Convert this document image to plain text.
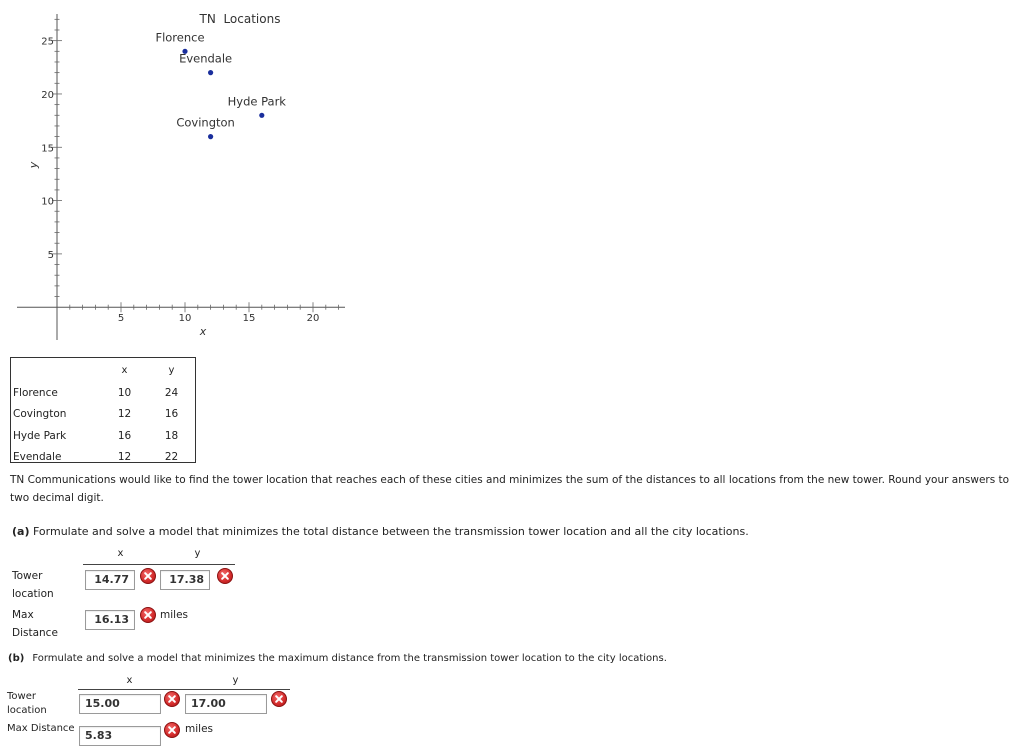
5	10	15	20
5
10
15
20
25	Florence
Covington
Hyde Park
Evendale
TN  Locations
x
y
	x	y
Florence	10	24
Covington	12	16
Hyde Park	16	18
Evendale	12	22
TN Communications would like to find the tower location that reaches each of these cities and minimizes the sum of the distances to all locations from the new tower. Round your answers to two decimal digit.
(a) Formulate and solve a model that minimizes the total distance between the transmission tower location and all the city locations.
x	y
Tower
location
14.77	17.38
Max
Distance
16.13	miles
(b) Formulate and solve a model that minimizes the maximum distance from the transmission tower location to the city locations.
x	y
Tower
location
15.00	17.00
Max Distance
5.83	miles
